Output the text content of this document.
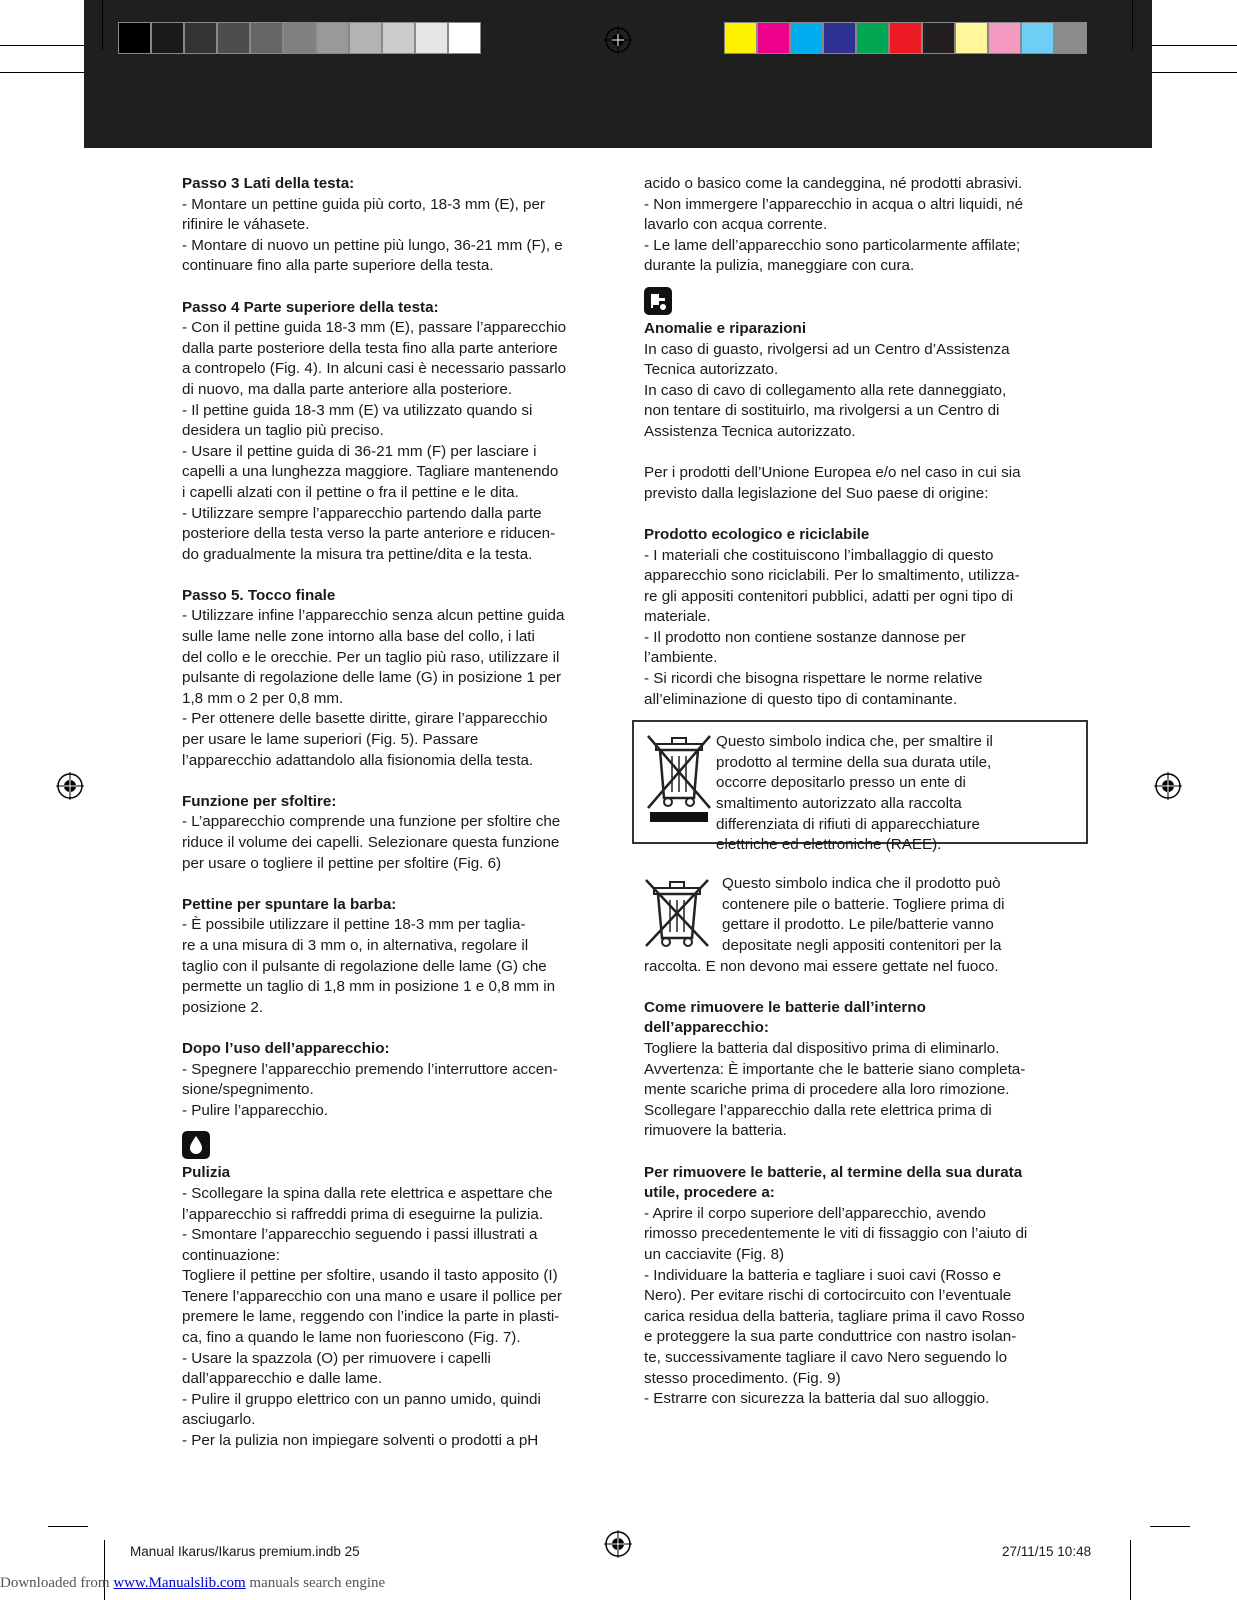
Passo 3 Lati della testa:

- Montare un pettine guida più corto, 18-3 mm (E), per

rifinire le váhasete.

- Montare di nuovo un pettine più lungo, 36-21 mm (F), e

continuare fino alla parte superiore della testa.

Passo 4 Parte superiore della testa:

- Con il pettine guida 18-3 mm (E), passare l’apparecchio

dalla parte posteriore della testa fino alla parte anteriore

a contropelo (Fig. 4). In alcuni casi è necessario passarlo

di nuovo, ma dalla parte anteriore alla posteriore.

- Il pettine guida 18-3 mm (E) va utilizzato quando si

desidera un taglio più preciso.

- Usare il pettine guida di 36-21 mm (F) per lasciare i

capelli a una lunghezza maggiore. Tagliare mantenendo

i capelli alzati con il pettine o fra il pettine e le dita.

- Utilizzare sempre l’apparecchio partendo dalla parte

posteriore della testa verso la parte anteriore e riducen-

do gradualmente la misura tra pettine/dita e la testa.

Passo 5. Tocco finale

- Utilizzare infine l’apparecchio senza alcun pettine guida

sulle lame nelle zone intorno alla base del collo, i lati

del collo e le orecchie. Per un taglio più raso, utilizzare il

pulsante di regolazione delle lame (G) in posizione 1 per

1,8 mm o 2 per 0,8 mm.

- Per ottenere delle basette diritte, girare l’apparecchio

per usare le lame superiori (Fig. 5). Passare

l’apparecchio adattandolo alla fisionomia della testa.

Funzione per sfoltire:

- L’apparecchio comprende una funzione per sfoltire che

riduce il volume dei capelli. Selezionare questa funzione

per usare o togliere il pettine per sfoltire (Fig. 6)

Pettine per spuntare la barba:

- È possibile utilizzare il pettine 18-3 mm per taglia-

re a una misura di 3 mm o, in alternativa, regolare il

taglio con il pulsante di regolazione delle lame (G) che

permette un taglio di 1,8 mm in posizione 1 e 0,8 mm in

posizione 2.

Dopo l’uso dell’apparecchio:

- Spegnere l’apparecchio premendo l’interruttore accen-

sione/spegnimento.

- Pulire l’apparecchio.

Pulizia

- Scollegare la spina dalla rete elettrica e aspettare che

l’apparecchio si raffreddi prima di eseguirne la pulizia.

- Smontare l’apparecchio seguendo i passi illustrati a

continuazione:

Togliere il pettine per sfoltire, usando il tasto apposito (I)

Tenere l’apparecchio con una mano e usare il pollice per

premere le lame, reggendo con l’indice la parte in plasti-

ca, fino a quando le lame non fuoriescono (Fig. 7).

- Usare la spazzola (O) per rimuovere i capelli

dall’apparecchio e dalle lame.

- Pulire il gruppo elettrico con un panno umido, quindi

asciugarlo.

- Per la pulizia non impiegare solventi o prodotti a pH

acido o basico come la candeggina, né prodotti abrasivi.

- Non immergere l’apparecchio in acqua o altri liquidi, né

lavarlo con acqua corrente.

- Le lame dell’apparecchio sono particolarmente affilate;

durante la pulizia, maneggiare con cura.

Anomalie e riparazioni

In caso di guasto, rivolgersi ad un Centro d’Assistenza

Tecnica autorizzato.

In caso di cavo di collegamento alla rete danneggiato,

non tentare di sostituirlo, ma rivolgersi a un Centro di

Assistenza Tecnica autorizzato.

Per i prodotti dell’Unione Europea e/o nel caso in cui sia

previsto dalla legislazione del Suo paese di origine:

Prodotto ecologico e riciclabile

- I materiali che costituiscono l’imballaggio di questo

apparecchio sono riciclabili. Per lo smaltimento, utilizza-

re gli appositi contenitori pubblici, adatti per ogni tipo di

materiale.

- Il prodotto non contiene sostanze dannose per

l’ambiente.

- Si ricordi che bisogna rispettare le norme relative

all’eliminazione di questo tipo di contaminante.

Questo simbolo indica che, per smaltire il

prodotto al termine della sua durata utile,

occorre depositarlo presso un ente di

smaltimento autorizzato alla raccolta

differenziata di rifiuti di apparecchiature

elettriche ed elettroniche (RAEE).

Questo simbolo indica che il prodotto può

contenere pile o batterie. Togliere prima di

gettare il prodotto. Le pile/batterie vanno

depositate negli appositi contenitori per la

raccolta. E non devono mai essere gettate nel fuoco.

Come rimuovere le batterie dall’interno

dell’apparecchio:

Togliere la batteria dal dispositivo prima di eliminarlo.

Avvertenza: È importante che le batterie siano completa-

mente scariche prima di procedere alla loro rimozione.

Scollegare l’apparecchio dalla rete elettrica prima di

rimuovere la batteria.

Per rimuovere le batterie, al termine della sua durata

utile, procedere a:

- Aprire il corpo superiore dell’apparecchio, avendo

rimosso precedentemente le viti di fissaggio con l’aiuto di

un cacciavite (Fig. 8)

- Individuare la batteria e tagliare i suoi cavi (Rosso e

Nero). Per evitare rischi di cortocircuito con l’eventuale

carica residua della batteria, tagliare prima il cavo Rosso

e proteggere la sua parte conduttrice con nastro isolan-

te, successivamente tagliare il cavo Nero seguendo lo

stesso procedimento. (Fig. 9)

- Estrarre con sicurezza la batteria dal suo alloggio.

Manual Ikarus/Ikarus premium.indb 25	27/11/15 10:48
Downloaded from www.Manualslib.com manuals search engine
